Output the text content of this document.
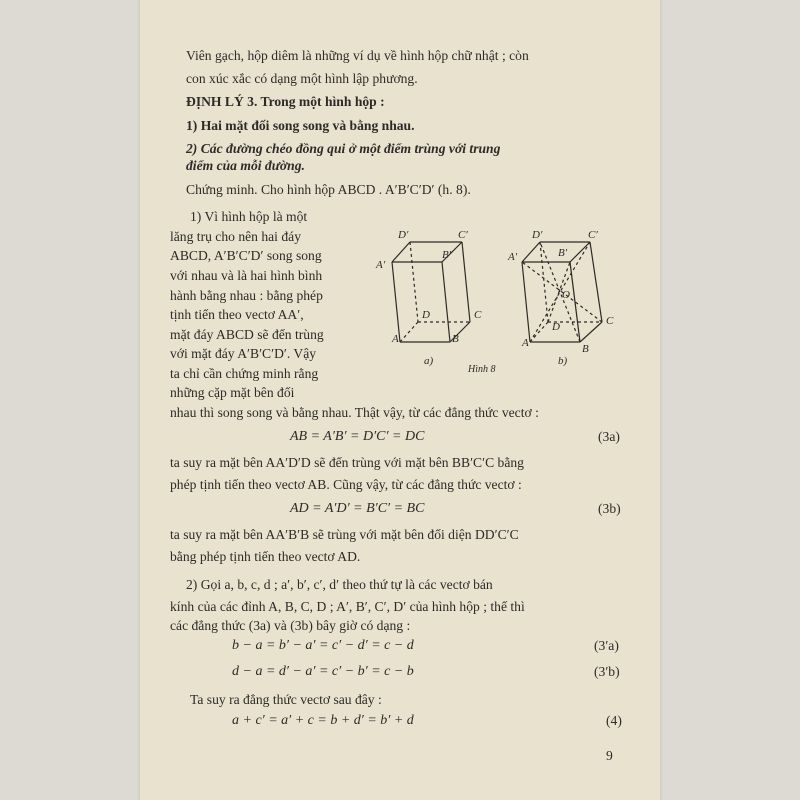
Viên gạch, hộp diêm là những ví dụ về hình hộp chữ nhật ; còn
con xúc xắc có dạng một hình lập phương.
ĐỊNH LÝ 3. Trong một hình hộp :
1) Hai mặt đối song song và bằng nhau.
2) Các đường chéo đồng qui ở một điểm trùng với trung
điểm của mỗi đường.
Chứng minh. Cho hình hộp ABCD . A′B′C′D′ (h. 8).
1) Vì hình hộp là một
lăng trụ cho nên hai đáy
ABCD, A′B′C′D′ song song
với nhau và là hai hình bình
hành bằng nhau : bằng phép
tịnh tiến theo vectơ AA′,
mặt đáy ABCD sẽ đến trùng
với mặt đáy A′B′C′D′. Vậy
ta chỉ cần chứng minh rằng
những cặp mặt bên đối
nhau thì song song và bằng nhau. Thật vậy, từ các đẳng thức vectơ :
AB = A′B′ = D′C′ = DC	(3a)
ta suy ra mặt bên AA′D′D sẽ đến trùng với mặt bên BB′C′C bằng
phép tịnh tiến theo vectơ AB. Cũng vậy, từ các đẳng thức vectơ :
AD = A′D′ = B′C′ = BC	(3b)
ta suy ra mặt bên AA′B′B sẽ trùng với mặt bên đối diện DD′C′C
bằng phép tịnh tiến theo vectơ AD.
2) Gọi a, b, c, d ; a′, b′, c′, d′ theo thứ tự là các vectơ bán
kính của các đỉnh A, B, C, D ; A′, B′, C′, D′ của hình hộp ; thế thì
các đẳng thức (3a) và (3b) bây giờ có dạng :
b − a = b′ − a′ = c′ − d′ = c − d	(3′a)
d − a = d′ − a′ = c′ − b′ = c − b	(3′b)
Ta suy ra đẳng thức vectơ sau đây :
a + c′ = a′ + c = b + d′ = b′ + d	(4)
9
D′	C′
A′
B′
D	C
A	B
a)
D′	C′
A′	B′
O
D	C
A	B
b)
Hình 8
